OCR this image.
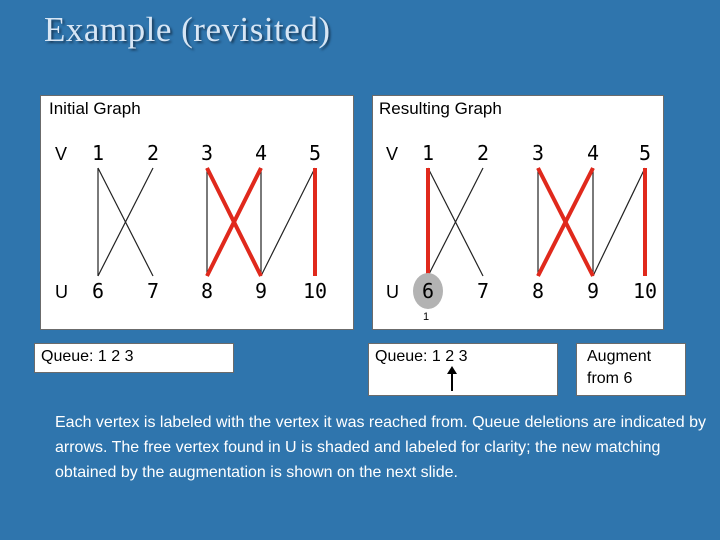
Example (revisited)
Initial Graph	Resulting Graph
V
U
1 2 3 4 5
6 7 8 9 10
V
U
1 2 3 4 5
6 7 8 9 10
1
Queue: 1 2 3	Queue: 1 2 3	Augment
from 6
Each vertex is labeled with the vertex it was reached from. Queue deletions are indicated by arrows. The free vertex found in U is shaded and labeled for clarity; the new matching obtained by the augmentation is shown on the next slide.
